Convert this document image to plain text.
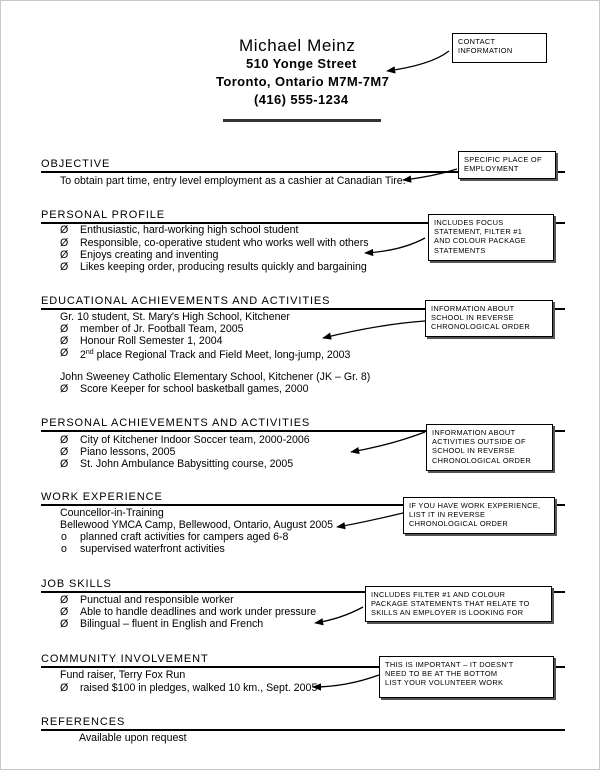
Michael Meinz
510 Yonge Street
Toronto, Ontario M7M-7M7
(416) 555-1234
OBJECTIVE
To obtain part time, entry level employment as a cashier at Canadian Tire.
PERSONAL PROFILE
Ø Enthusiastic, hard-working high school student
Ø Responsible, co-operative student who works well with others
Ø Enjoys creating and inventing
Ø Likes keeping order, producing results quickly and bargaining
EDUCATIONAL ACHIEVEMENTS AND ACTIVITIES
Gr. 10 student, St. Mary's High School, Kitchener
Ø member of Jr. Football Team, 2005
Ø Honour Roll Semester 1, 2004
Ø 2nd place Regional Track and Field Meet, long-jump, 2003
John Sweeney Catholic Elementary School, Kitchener (JK – Gr. 8)
Ø Score Keeper for school basketball games, 2000
PERSONAL ACHIEVEMENTS AND ACTIVITIES
Ø City of Kitchener Indoor Soccer team, 2000-2006
Ø Piano lessons, 2005
Ø St. John Ambulance Babysitting course, 2005
WORK EXPERIENCE
Councellor-in-Training
Bellewood YMCA Camp, Bellewood, Ontario, August 2005
o planned craft activities for campers aged 6-8
o supervised waterfront activities
JOB SKILLS
Ø Punctual and responsible worker
Ø Able to handle deadlines and work under pressure
Ø Bilingual – fluent in English and French
COMMUNITY INVOLVEMENT
Fund raiser, Terry Fox Run
Ø raised $100 in pledges, walked 10 km., Sept. 2005
REFERENCES
Available upon request
CONTACT
INFORMATION
SPECIFIC PLACE OF
EMPLOYMENT
INCLUDES FOCUS
STATEMENT, FILTER #1
AND COLOUR PACKAGE
STATEMENTS
INFORMATION ABOUT
SCHOOL IN REVERSE
CHRONOLOGICAL ORDER
INFORMATION ABOUT
ACTIVITIES OUTSIDE OF
SCHOOL IN REVERSE
CHRONOLOGICAL ORDER
IF YOU HAVE WORK EXPERIENCE,
LIST IT IN REVERSE
CHRONOLOGICAL ORDER
INCLUDES FILTER #1 AND COLOUR
PACKAGE STATEMENTS THAT RELATE TO
SKILLS AN EMPLOYER IS LOOKING FOR
THIS IS IMPORTANT – IT DOESN'T
NEED TO BE AT THE BOTTOM
LIST YOUR VOLUNTEER WORK
